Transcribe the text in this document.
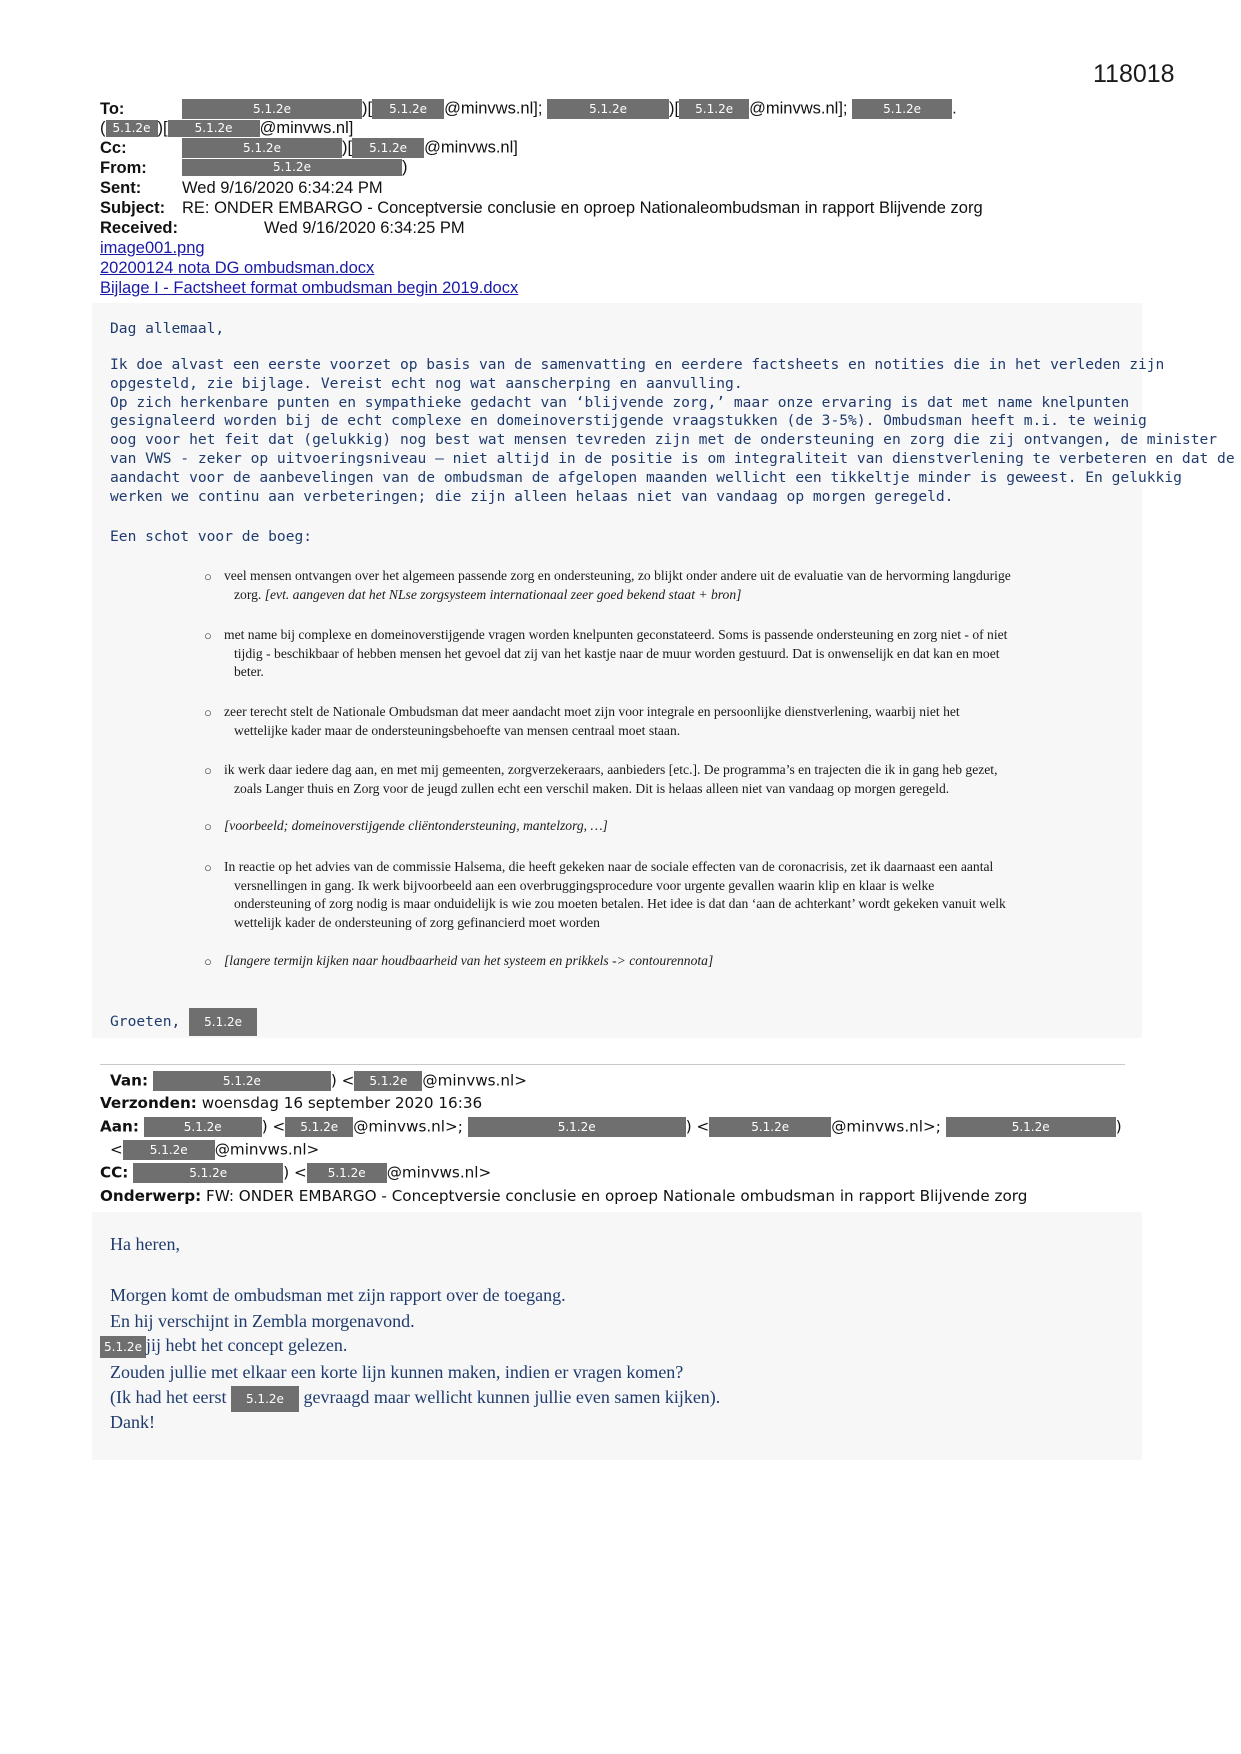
118018
To:	5.1.2e	)[ 5.1.2e @minvws.nl];	5.1.2e	)[ 5.1.2e @minvws.nl];	5.1.2e .
( 5.1.2e )[ 5.1.2e @minvws.nl]
Cc:	5.1.2e	)[ 5.1.2e @minvws.nl]
From:	5.1.2e	)
Sent: Wed 9/16/2020 6:34:24 PM
Subject: RE: ONDER EMBARGO - Conceptversie conclusie en oproep Nationaleombudsman in rapport Blijvende zorg
Received:	Wed 9/16/2020 6:34:25 PM
image001.png
20200124 nota DG ombudsman.docx
Bijlage I - Factsheet format ombudsman begin 2019.docx
Dag allemaal,
Ik doe alvast een eerste voorzet op basis van de samenvatting en eerdere factsheets en notities die in het verleden zijn
opgesteld, zie bijlage. Vereist echt nog wat aanscherping en aanvulling.
Op zich herkenbare punten en sympathieke gedacht van ‘blijvende zorg,’ maar onze ervaring is dat met name knelpunten
gesignaleerd worden bij de echt complexe en domeinoverstijgende vraagstukken (de 3-5%). Ombudsman heeft m.i. te weinig
oog voor het feit dat (gelukkig) nog best wat mensen tevreden zijn met de ondersteuning en zorg die zij ontvangen, de minister
van VWS - zeker op uitvoeringsniveau – niet altijd in de positie is om integraliteit van dienstverlening te verbeteren en dat de
aandacht voor de aanbevelingen van de ombudsman de afgelopen maanden wellicht een tikkeltje minder is geweest. En gelukkig
werken we continu aan verbeteringen; die zijn alleen helaas niet van vandaag op morgen geregeld.
Een schot voor de boeg:
○ veel mensen ontvangen over het algemeen passende zorg en ondersteuning, zo blijkt onder andere uit de evaluatie van de hervorming langdurige
zorg. [evt. aangeven dat het NLse zorgsysteem internationaal zeer goed bekend staat + bron]
○ met name bij complexe en domeinoverstijgende vragen worden knelpunten geconstateerd. Soms is passende ondersteuning en zorg niet - of niet
tijdig - beschikbaar of hebben mensen het gevoel dat zij van het kastje naar de muur worden gestuurd. Dat is onwenselijk en dat kan en moet
beter.
○ zeer terecht stelt de Nationale Ombudsman dat meer aandacht moet zijn voor integrale en persoonlijke dienstverlening, waarbij niet het
wettelijke kader maar de ondersteuningsbehoefte van mensen centraal moet staan.
○ ik werk daar iedere dag aan, en met mij gemeenten, zorgverzekeraars, aanbieders [etc.]. De programma’s en trajecten die ik in gang heb gezet,
zoals Langer thuis en Zorg voor de jeugd zullen echt een verschil maken. Dit is helaas alleen niet van vandaag op morgen geregeld.
○ [voorbeeld; domeinoverstijgende cliëntondersteuning, mantelzorg, …]
○ In reactie op het advies van de commissie Halsema, die heeft gekeken naar de sociale effecten van de coronacrisis, zet ik daarnaast een aantal
versnellingen in gang. Ik werk bijvoorbeeld aan een overbruggingsprocedure voor urgente gevallen waarin klip en klaar is welke
ondersteuning of zorg nodig is maar onduidelijk is wie zou moeten betalen. Het idee is dat dan ‘aan de achterkant’ wordt gekeken vanuit welk
wettelijk kader de ondersteuning of zorg gefinancierd moet worden
○ [langere termijn kijken naar houdbaarheid van het systeem en prikkels -> contourennota]
Groeten, 5.1.2e
Van:	5.1.2e	) < 5.1.2e @minvws.nl>
Verzonden: woensdag 16 september 2020 16:36
Aan:	5.1.2e	) < 5.1.2e @minvws.nl>;	5.1.2e	) <	5.1.2e	@minvws.nl>;	5.1.2e	)
< 5.1.2e @minvws.nl>
CC:	5.1.2e	) < 5.1.2e @minvws.nl>
Onderwerp: FW: ONDER EMBARGO - Conceptversie conclusie en oproep Nationale ombudsman in rapport Blijvende zorg
Ha heren,
Morgen komt de ombudsman met zijn rapport over de toegang.
En hij verschijnt in Zembla morgenavond.
5.1.2e jij hebt het concept gelezen.
Zouden jullie met elkaar een korte lijn kunnen maken, indien er vragen komen?
(Ik had het eerst 5.1.2e gevraagd maar wellicht kunnen jullie even samen kijken).
Dank!
